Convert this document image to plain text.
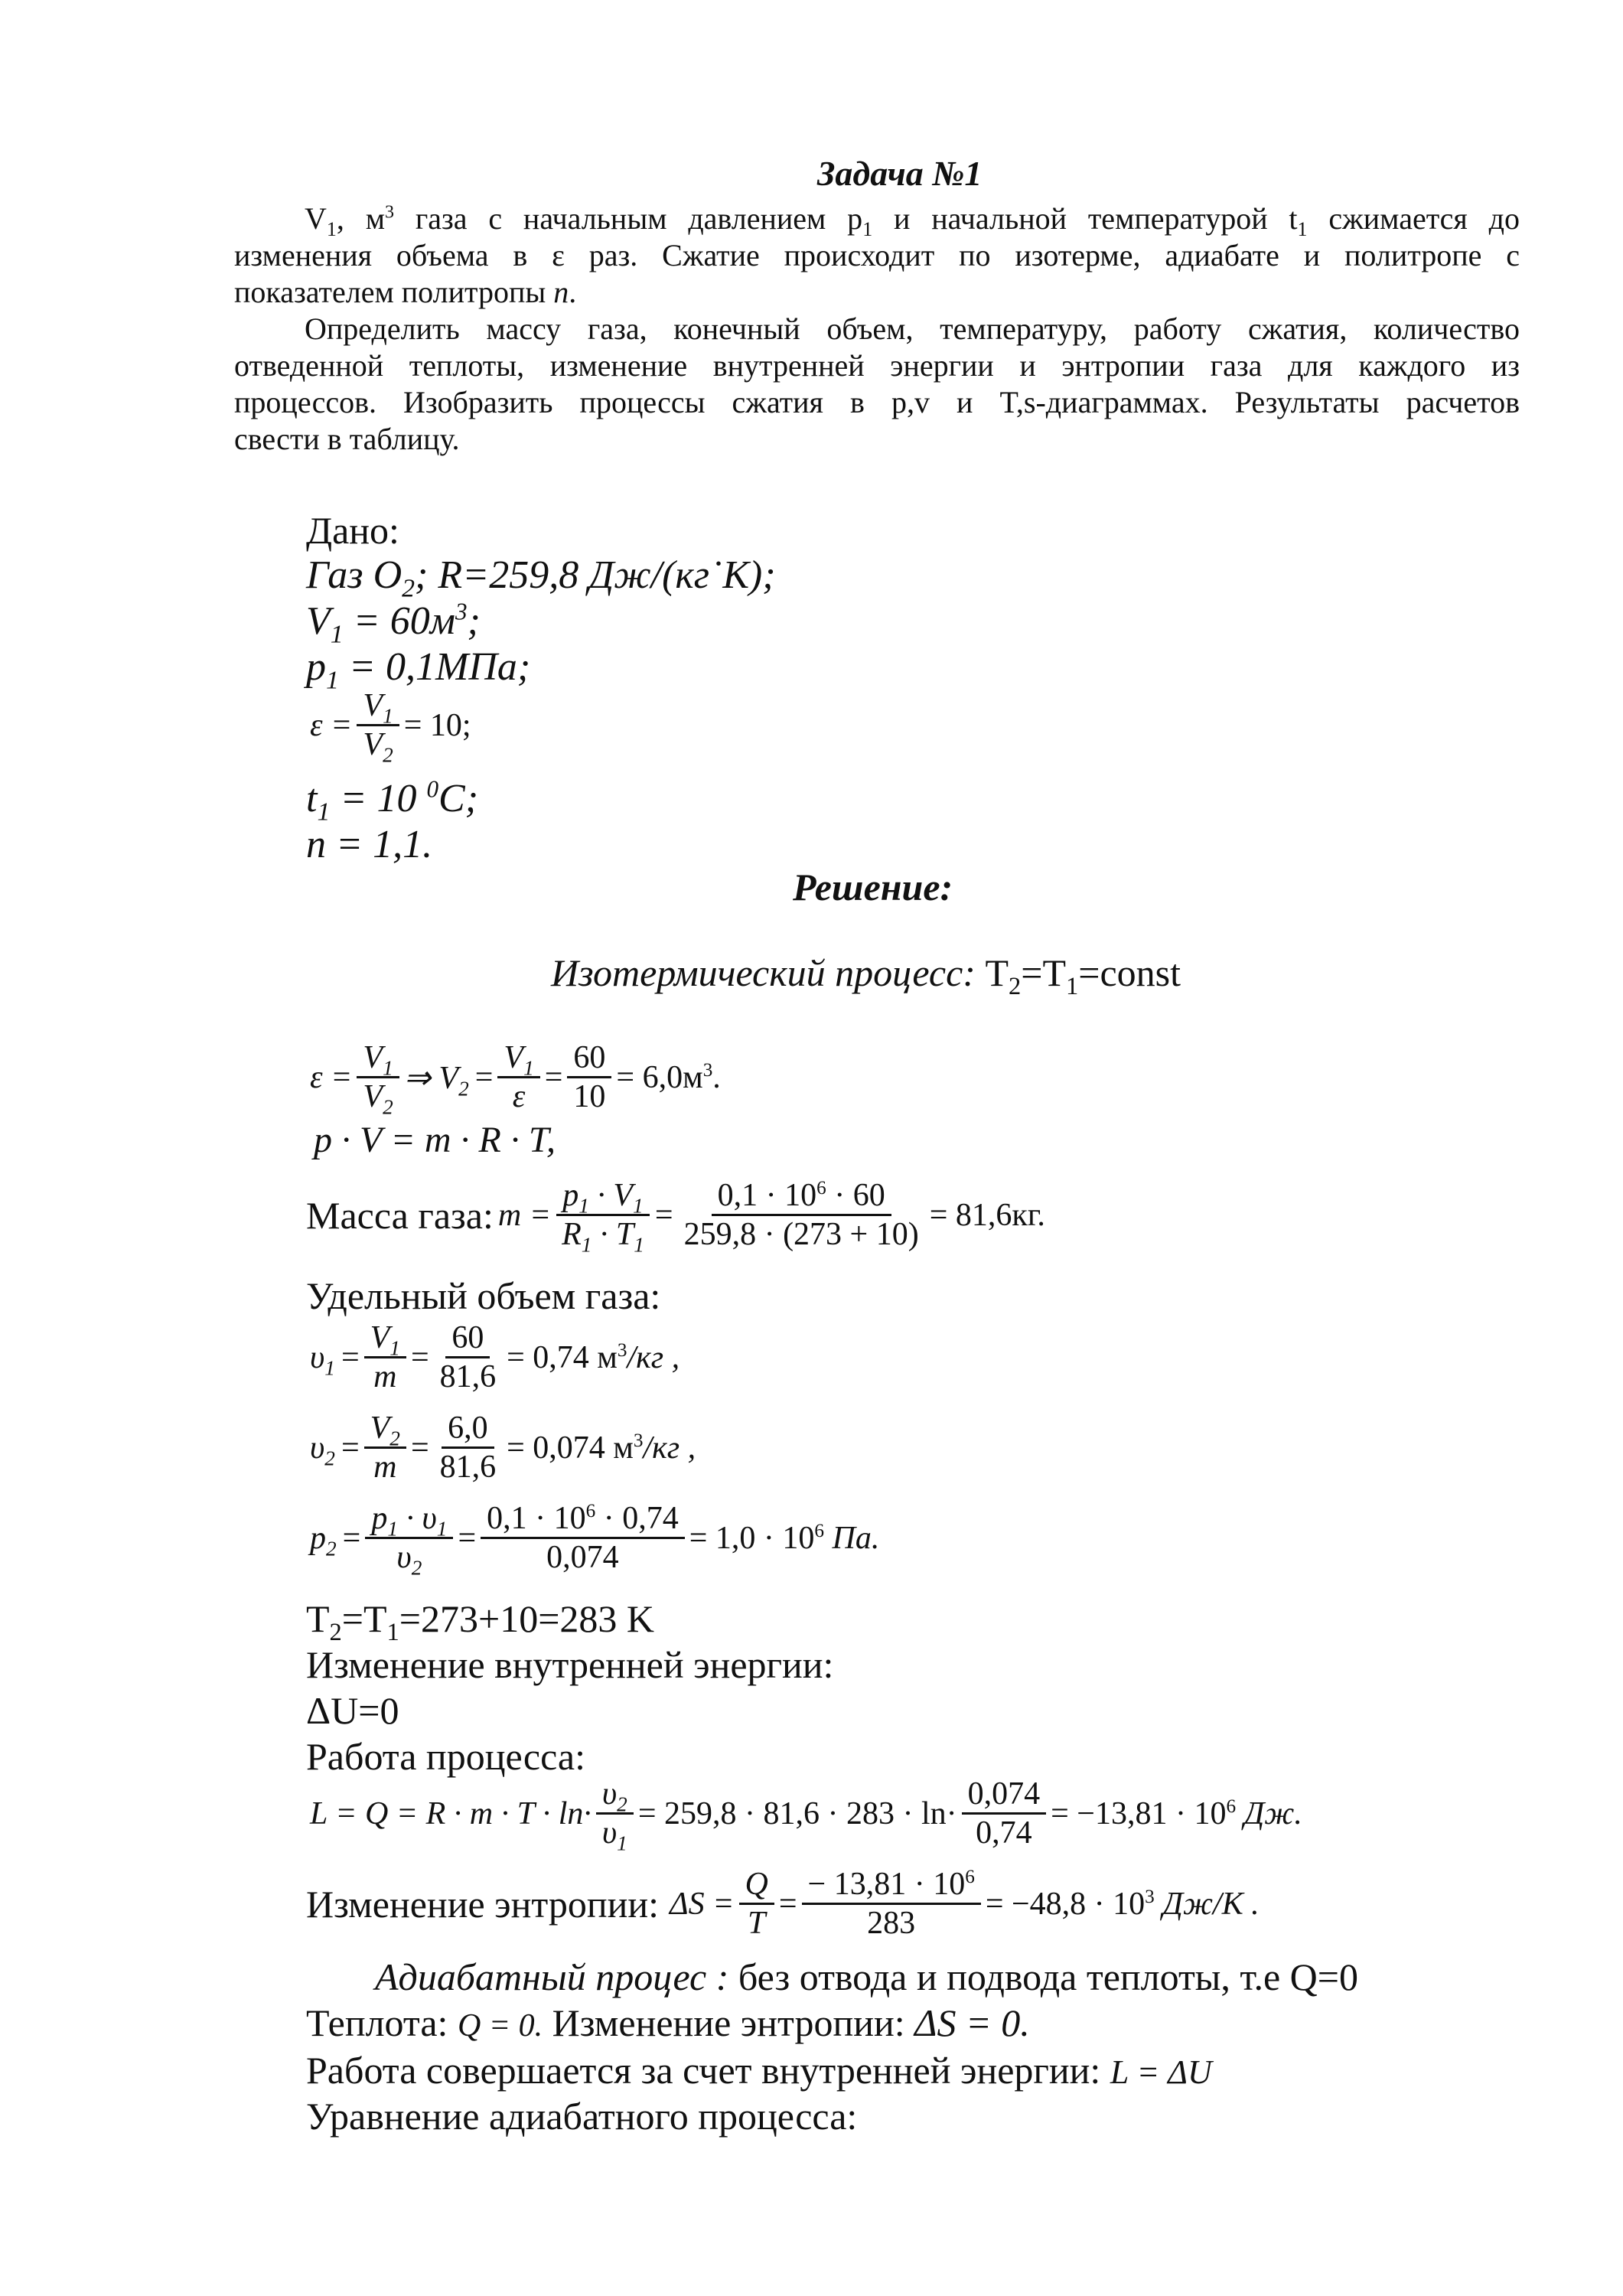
Задача №1
$V_1$, $м^3$ газа с начальным давлением $p_1$ и начальной температурой $t_1$ сжимается до
изменения объема в ε раз. Сжатие происходит по изотерме, адиабате и политропе с
показателем политропы n.
Определить массу газа, конечный объем, температуру, работу сжатия, количество
отведенной теплоты, изменение внутренней энергии и энтропии газа для каждого из
процессов. Изобразить процессы сжатия в p,v и T,s-диаграммах. Результаты расчетов
свести в таблицу.
Дано:
Газ $O_2$; R=259,8 Дж/(кг˙К);
$V_1 = 60м^3$;
$p_1 = 0,1МПа$;
$\varepsilon = \frac{V_1}{V_2} = 10$;
$t_1 = 10$ $^0$C;
n = 1,1.
Решение:
Изотермический процесс: $T_2=T_1=const$
$\varepsilon = \frac{V_1}{V_2}$ ⇒ $V_2 = \frac{V_1}{\varepsilon} = \frac{60}{10} = 6,0м^3$.
p · V = m · R · T,
Масса газа: $m = \frac{p_1 \cdot V_1}{R_1 \cdot T_1} = \frac{0,1 \cdot 10^6 \cdot 60}{259,8 \cdot (273 + 10)} = 81,6кг$.
Удельный объем газа:
$\upsilon_1 = \frac{V_1}{m} = \frac{60}{81,6} = 0,74$ $м^3/кг$ ,
$\upsilon_2 = \frac{V_2}{m} = \frac{6,0}{81,6} = 0,074$ $м^3/кг$ ,
$p_2 = \frac{p_1 \cdot \upsilon_1}{\upsilon_2} = \frac{0,1 \cdot 10^6 \cdot 0,74}{0,074} = 1,0 \cdot 10^6$ Па.
$T_2=T_1=273+10=283$ K
Изменение внутренней энергии:
ΔU=0
Работа процесса:
$L = Q = R \cdot m \cdot T \cdot \ln\cdot \frac{\upsilon_2}{\upsilon_1} = 259,8 \cdot 81,6 \cdot 283 \cdot \ln\cdot \frac{0,074}{0,74} = -13,81 \cdot 10^6$ Дж.
Изменение энтропии: $\Delta S = \frac{Q}{T} = \frac{- 13,81 \cdot 10^6}{283} = -48,8 \cdot 10^3$ Дж/К .
Адиабатный процес : без отвода и подвода теплоты, т.е Q=0
Теплота: Q = 0. Изменение энтропии: ΔS = 0.
Работа совершается за счет внутренней энергии: L = ΔU
Уравнение адиабатного процесса:
